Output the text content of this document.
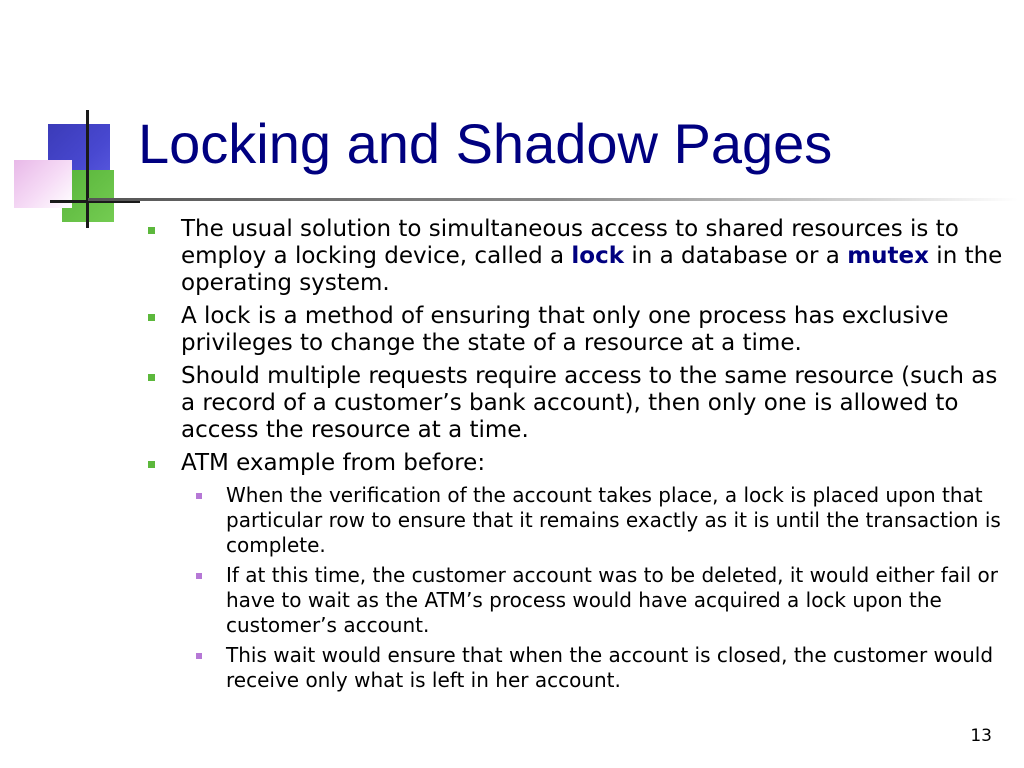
Locking and Shadow Pages
The usual solution to simultaneous access to shared resources is to employ a locking device, called a lock in a database or a mutex in the operating system.
A lock is a method of ensuring that only one process has exclusive privileges to change the state of a resource at a time.
Should multiple requests require access to the same resource (such as a record of a customer’s bank account), then only one is allowed to access the resource at a time.
ATM example from before:
When the verification of the account takes place, a lock is placed upon that particular row to ensure that it remains exactly as it is until the transaction is complete.
If at this time, the customer account was to be deleted, it would either fail or have to wait as the ATM’s process would have acquired a lock upon the customer’s account.
This wait would ensure that when the account is closed, the customer would receive only what is left in her account.
13
